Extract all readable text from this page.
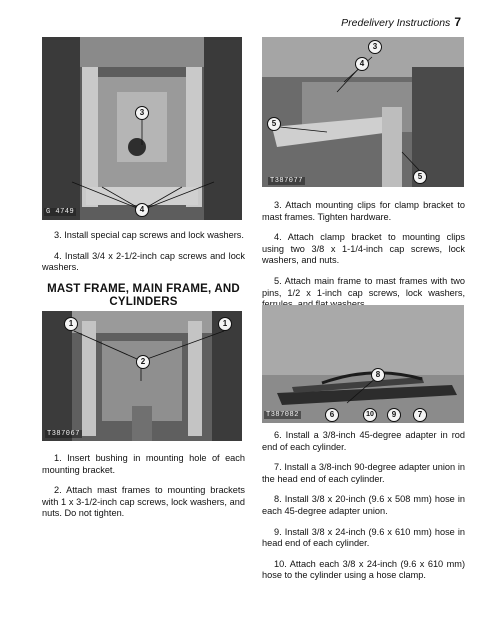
Predelivery Instructions 7
3
4
G 4749
3
4
5
5
T387077

3. Install special cap screws and lock washers.

4. Install 3/4 x 2-1/2-inch cap screws and lock washers.

MAST FRAME, MAIN FRAME, AND CYLINDERS

3. Attach mounting clips for clamp bracket to mast frames. Tighten hardware.

4. Attach clamp bracket to mounting clips using two 3/8 x 1-1/4-inch cap screws, lock washers, and nuts.

5. Attach main frame to mast frames with two pins, 1/2 x 1-inch cap screws, lock washers,

1	1
2
T387067
8
6	10	9	7
T387082

1. Insert bushing in mounting hole of each mounting bracket.

2. Attach mast frames to mounting brackets with 1 x 3-1/2-inch cap screws, lock washers, and nuts. Do not tighten.

6. Install a 3/8-inch 45-degree adapter in rod end of each cylinder.

7. Install a 3/8-inch 90-degree adapter union in the head end of each cylinder.

8. Install 3/8 x 20-inch (9.6 x 508 mm) hose in each 45-degree adapter union.

9. Install 3/8 x 24-inch (9.6 x 610 mm) hose in head end of each cylinder.

10. Attach each 3/8 x 24-inch (9.6 x 610 mm) hose to the cylinder using a hose clamp.
